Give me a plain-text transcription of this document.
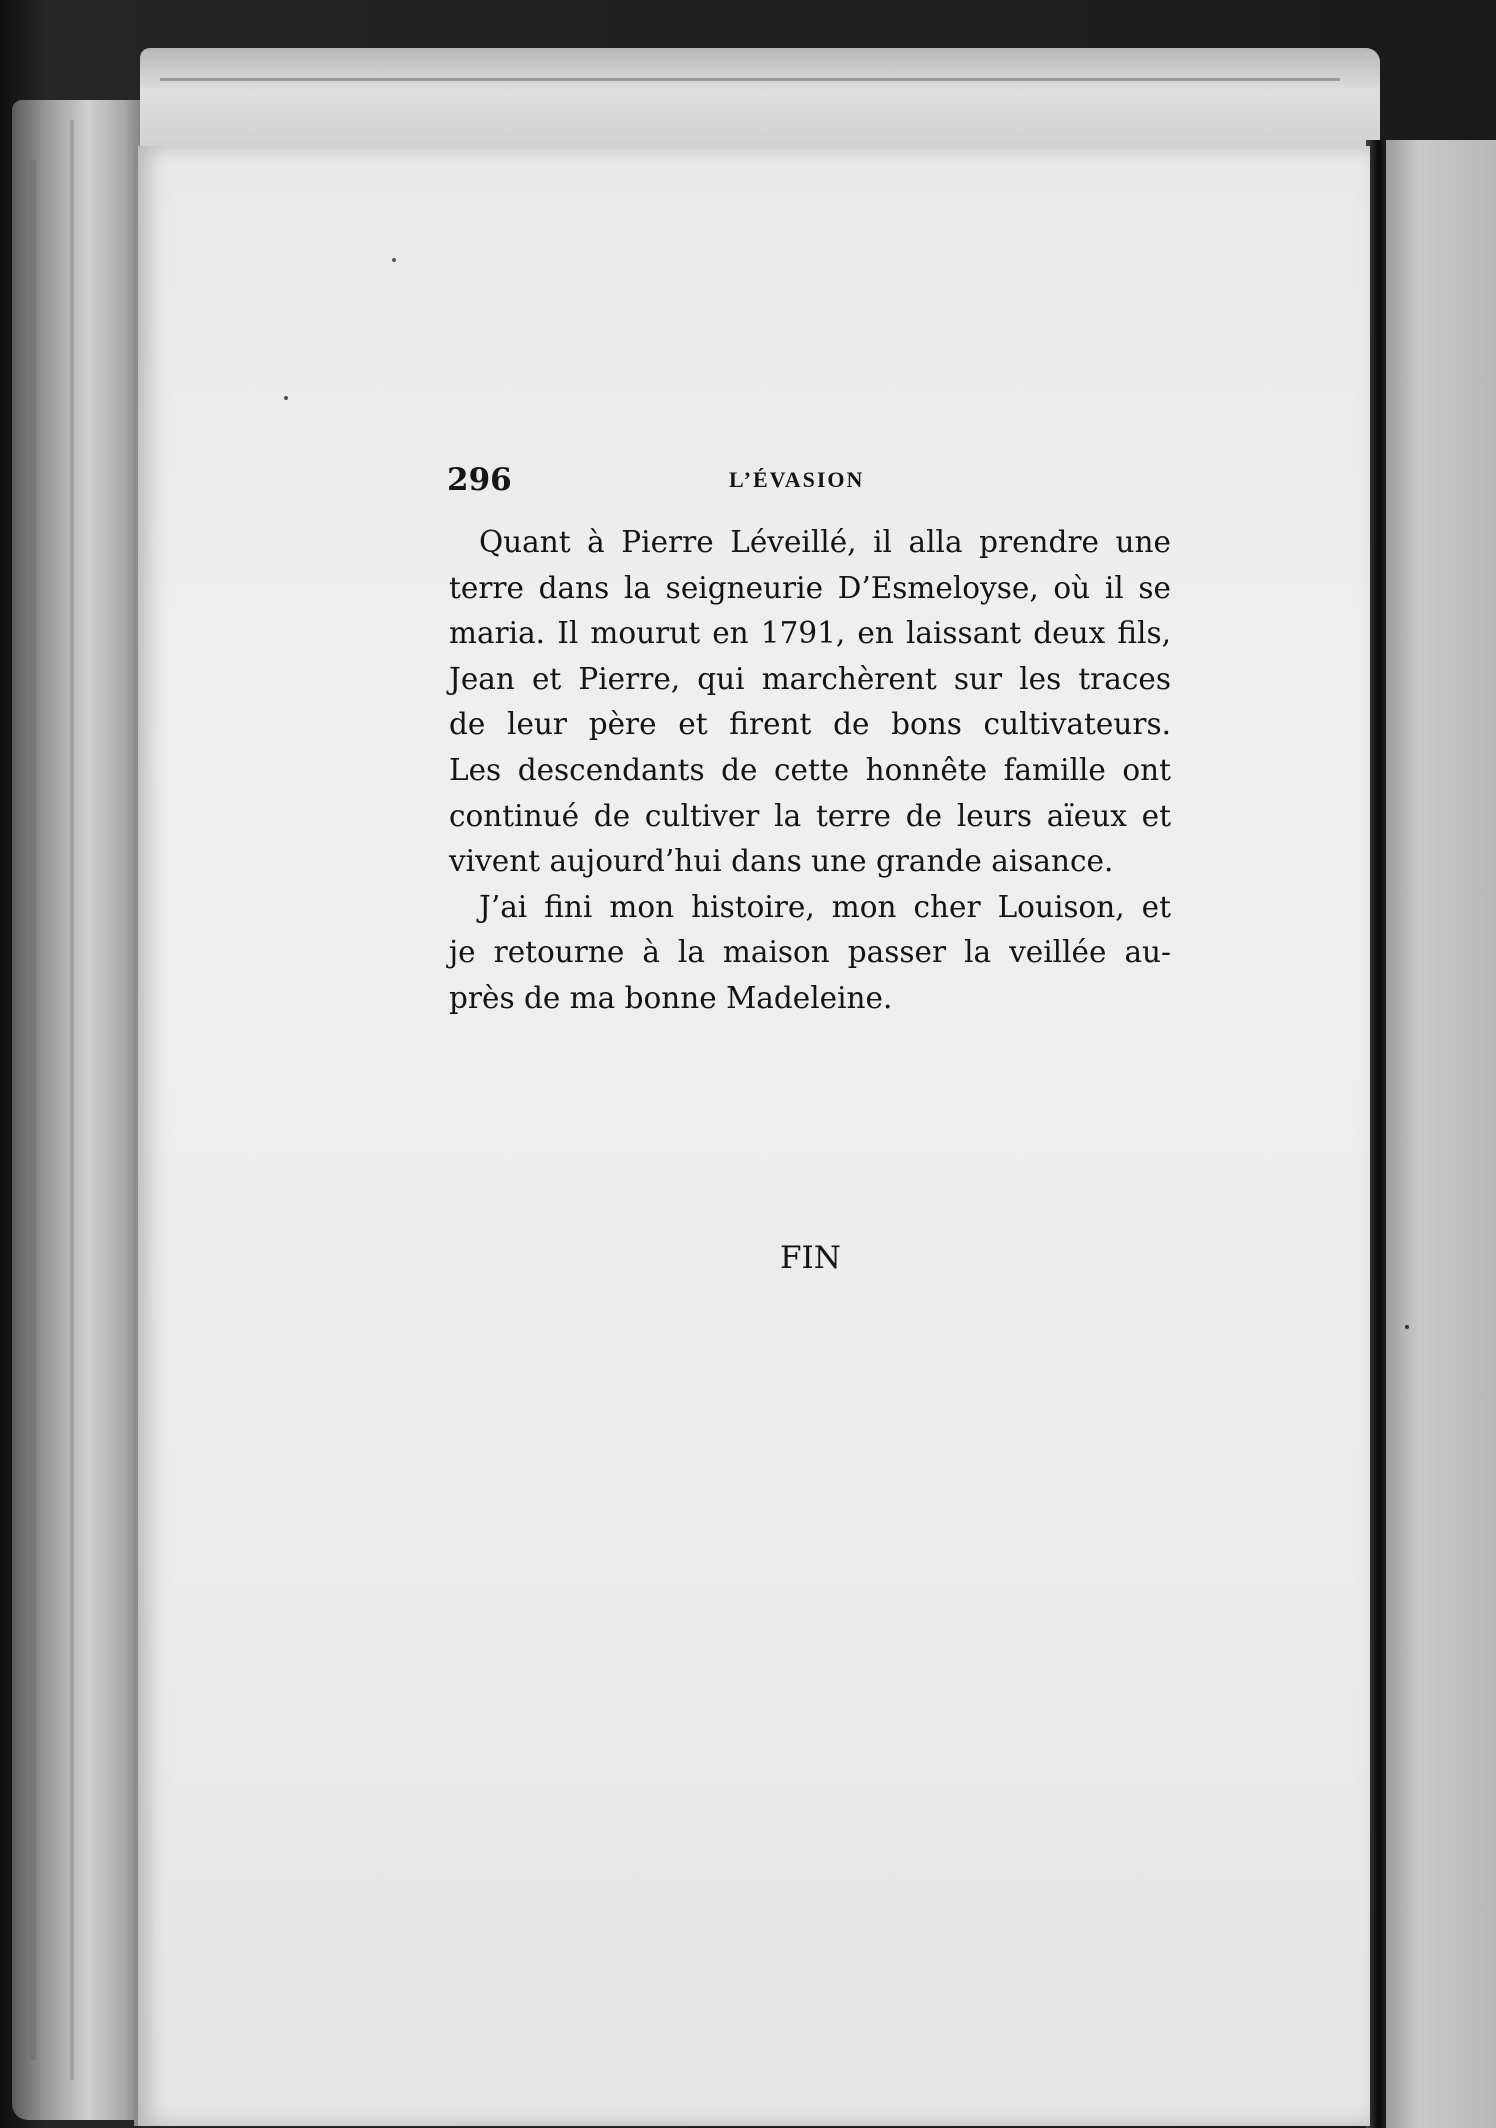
296	L’ÉVASION
Quant à Pierre Léveillé, il alla prendre une
terre dans la seigneurie D’Esmeloyse, où il se
maria. Il mourut en 1791, en laissant deux fils,
Jean et Pierre, qui marchèrent sur les traces
de leur père et firent de bons cultivateurs.
Les descendants de cette honnête famille ont
continué de cultiver la terre de leurs aïeux et
vivent aujourd’hui dans une grande aisance.
J’ai fini mon histoire, mon cher Louison, et
je retourne à la maison passer la veillée au-
près de ma bonne Madeleine.
FIN
